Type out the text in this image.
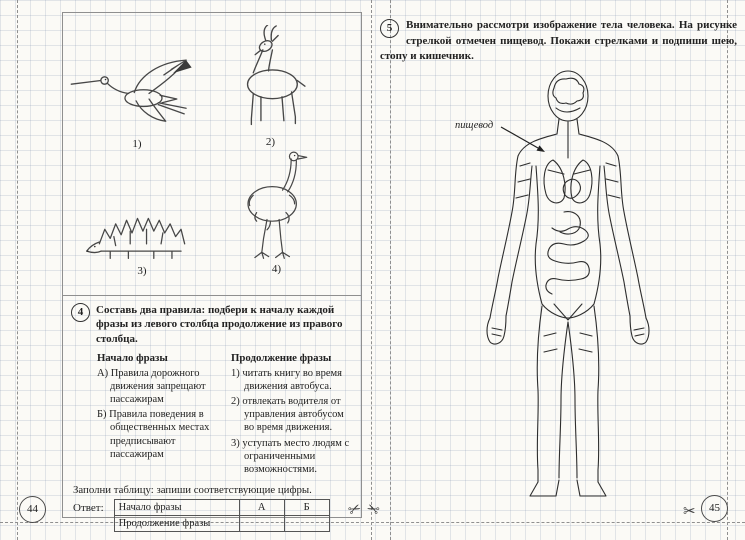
✂ ✂	✂
44	45
1)	2)
3)	4)
4	Составь два правила: подбери к началу каждой фразы из левого столбца продолжение из правого столбца.
Начало фразы
А) Правила дорожного движения запрещают пассажирам
Б) Правила поведения в общественных местах предписывают пассажирам
Продолжение фразы
1) читать книгу во время движения автобуса.
2) отвлекать водителя от управления автобусом во время движения.
3) уступать место людям с ограниченными возможностями.
Заполни таблицу: запиши соответствующие цифры.
Ответ: Начало фразы	А	Б
Продолжение фразы		
5	Внимательно рассмотри изображение тела человека. На рисунке стрелкой отмечен пищевод. Покажи стрелками и подпиши шею, стопу и кишечник.

пищевод
